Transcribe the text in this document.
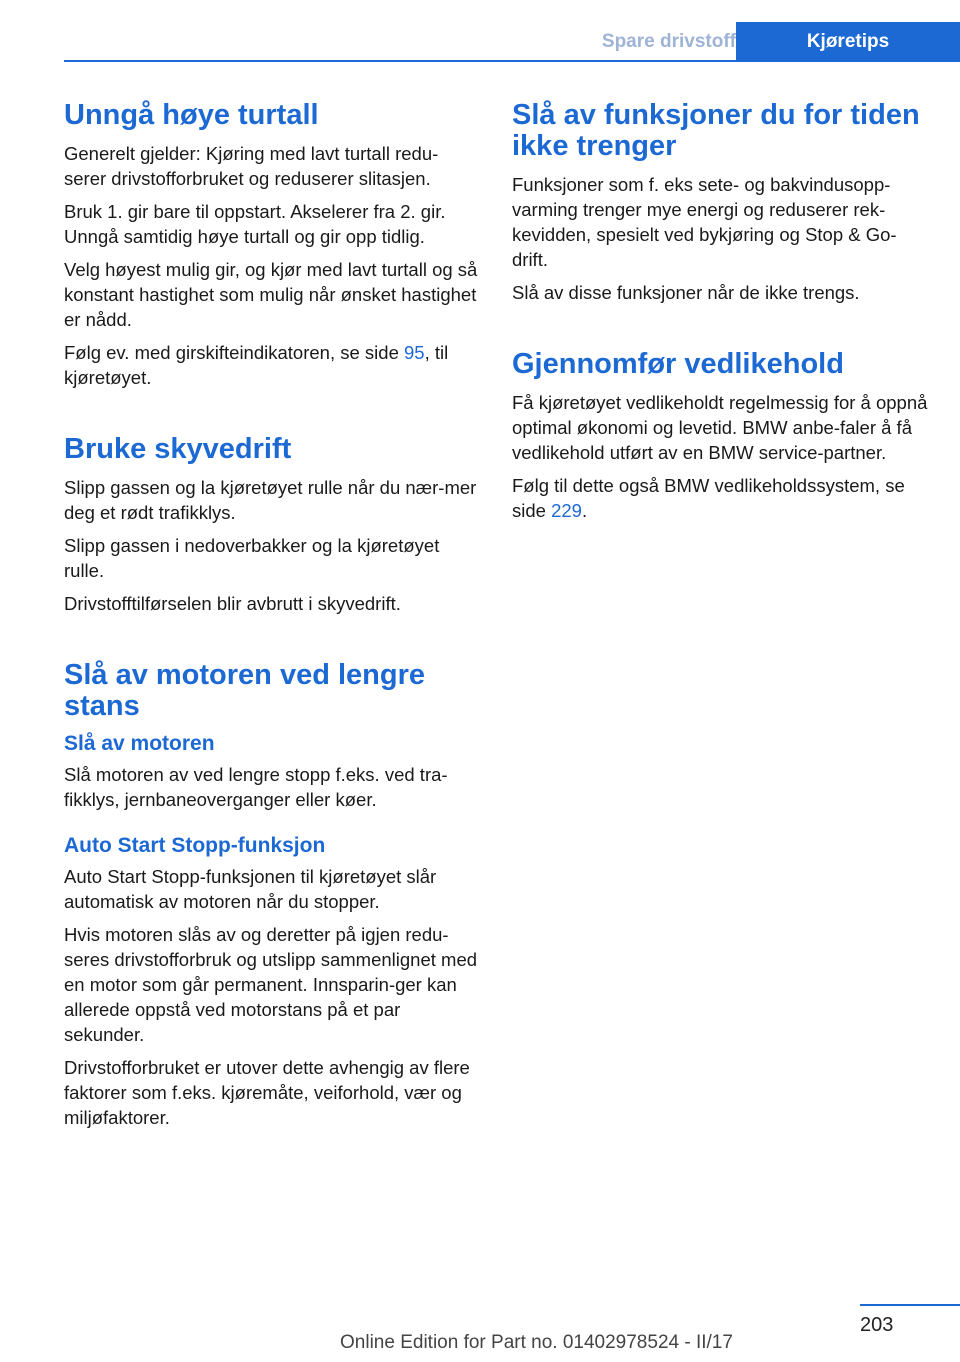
Spare drivstoff	Kjøretips
Unngå høye turtall

Generelt gjelder: Kjøring med lavt turtall redu‐serer drivstofforbruket og reduserer slitasjen.

Bruk 1. gir bare til oppstart. Akselerer fra 2. gir. Unngå samtidig høye turtall og gir opp tidlig.

Velg høyest mulig gir, og kjør med lavt turtall og så konstant hastighet som mulig når ønsket hastighet er nådd.

Følg ev. med girskifteindikatoren, se side 95, til kjøretøyet.

Bruke skyvedrift

Slipp gassen og la kjøretøyet rulle når du nær‐mer deg et rødt trafikklys.

Slipp gassen i nedoverbakker og la kjøretøyet rulle.

Drivstofftilførselen blir avbrutt i skyvedrift.

Slå av motoren ved lengre stans
Slå av motoren

Slå motoren av ved lengre stopp f.eks. ved tra‐fikklys, jernbaneoverganger eller køer.

Auto Start Stopp-funksjon

Auto Start Stopp-funksjonen til kjøretøyet slår automatisk av motoren når du stopper.

Hvis motoren slås av og deretter på igjen redu‐seres drivstofforbruk og utslipp sammenlignet med en motor som går permanent. Innsparin‐ger kan allerede oppstå ved motorstans på et par sekunder.

Drivstofforbruket er utover dette avhengig av flere faktorer som f.eks. kjøremåte, veiforhold, vær og miljøfaktorer.

Slå av funksjoner du for tiden ikke trenger

Funksjoner som f. eks sete- og bakvindusopp‐varming trenger mye energi og reduserer rek‐kevidden, spesielt ved bykjøring og Stop & Go-drift.

Slå av disse funksjoner når de ikke trengs.

Gjennomfør vedlikehold

Få kjøretøyet vedlikeholdt regelmessig for å oppnå optimal økonomi og levetid. BMW anbe‐faler å få vedlikehold utført av en BMW service-partner.

Følg til dette også BMW vedlikeholdssystem, se side 229.

203
Online Edition for Part no. 01402978524 - II/17
